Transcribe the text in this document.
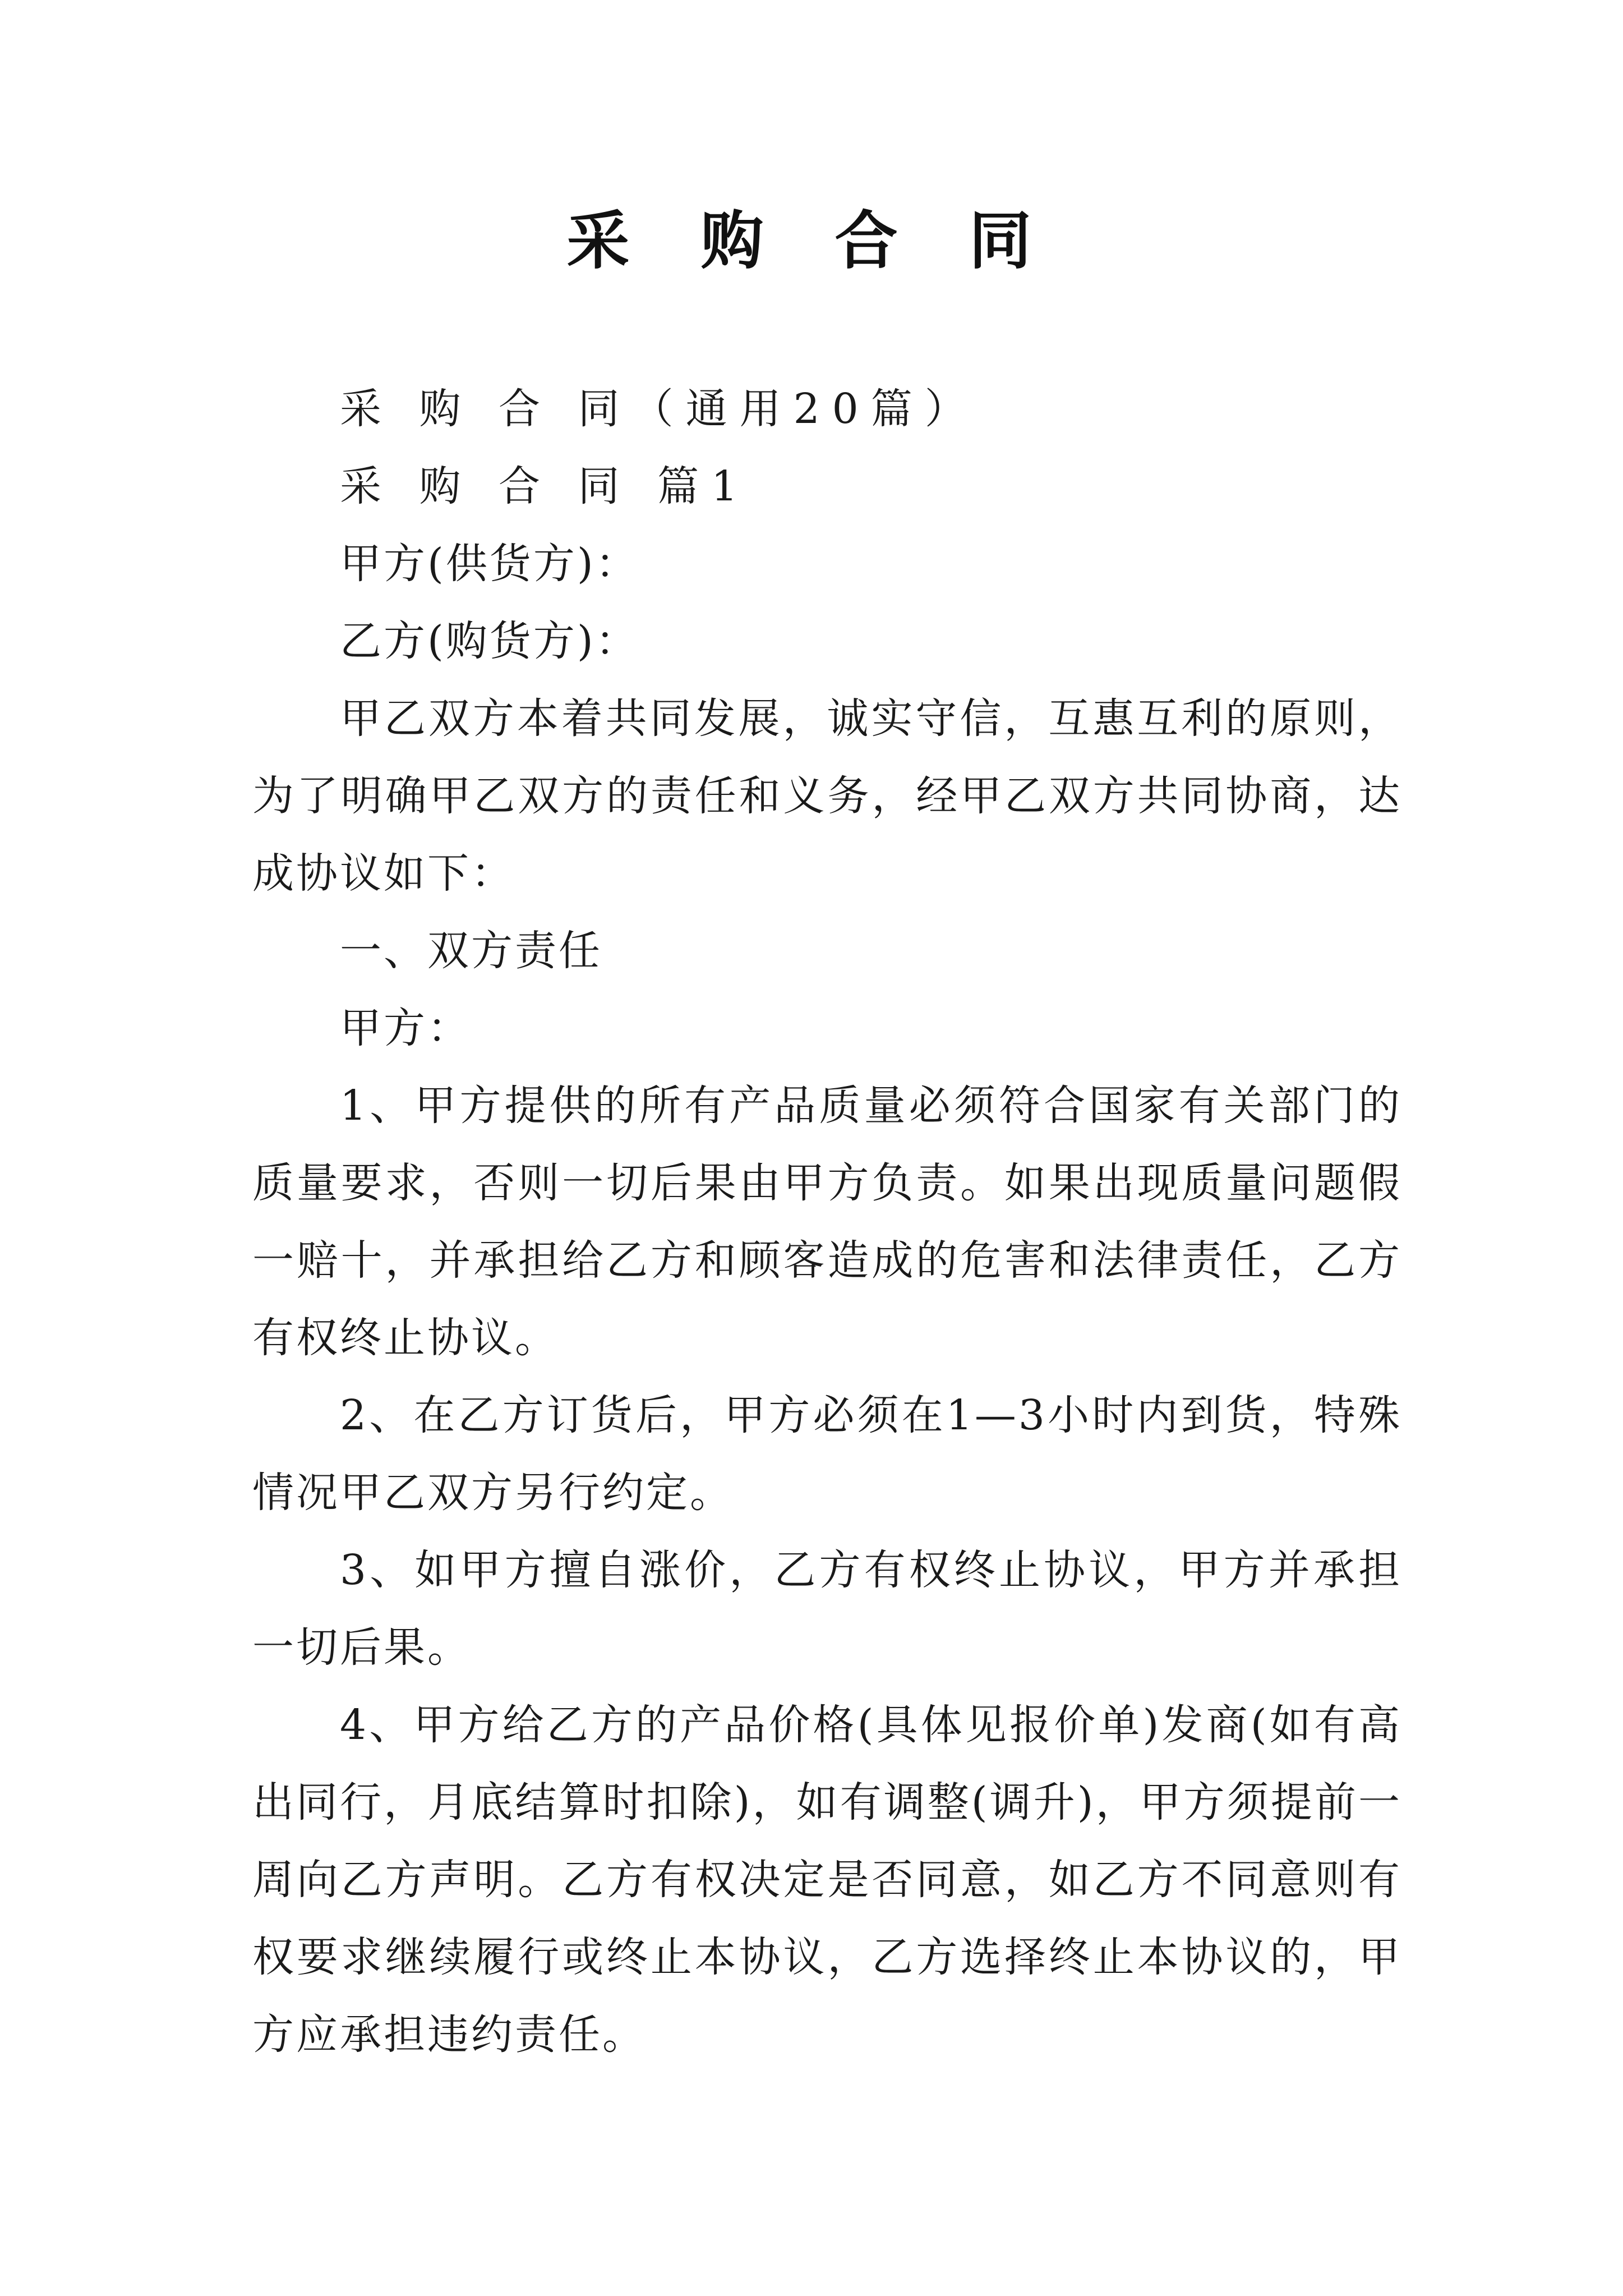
采 购 合 同

采 购 合 同（通用20篇）

采 购 合 同 篇1

甲方(供货方)：

乙方(购货方)：

甲乙双方本着共同发展，诚实守信，互惠互利的原则，为了明确甲乙双方的责任和义务，经甲乙双方共同协商，达成协议如下：

一、双方责任

甲方：

1、甲方提供的所有产品质量必须符合国家有关部门的质量要求，否则一切后果由甲方负责。如果出现质量问题假一赔十，并承担给乙方和顾客造成的危害和法律责任，乙方有权终止协议。

2、在乙方订货后，甲方必须在1—3小时内到货，特殊情况甲乙双方另行约定。

3、如甲方擅自涨价，乙方有权终止协议，甲方并承担一切后果。

4、甲方给乙方的产品价格(具体见报价单)发商(如有高出同行，月底结算时扣除)，如有调整(调升)，甲方须提前一周向乙方声明。乙方有权决定是否同意，如乙方不同意则有权要求继续履行或终止本协议，乙方选择终止本协议的，甲方应承担违约责任。
